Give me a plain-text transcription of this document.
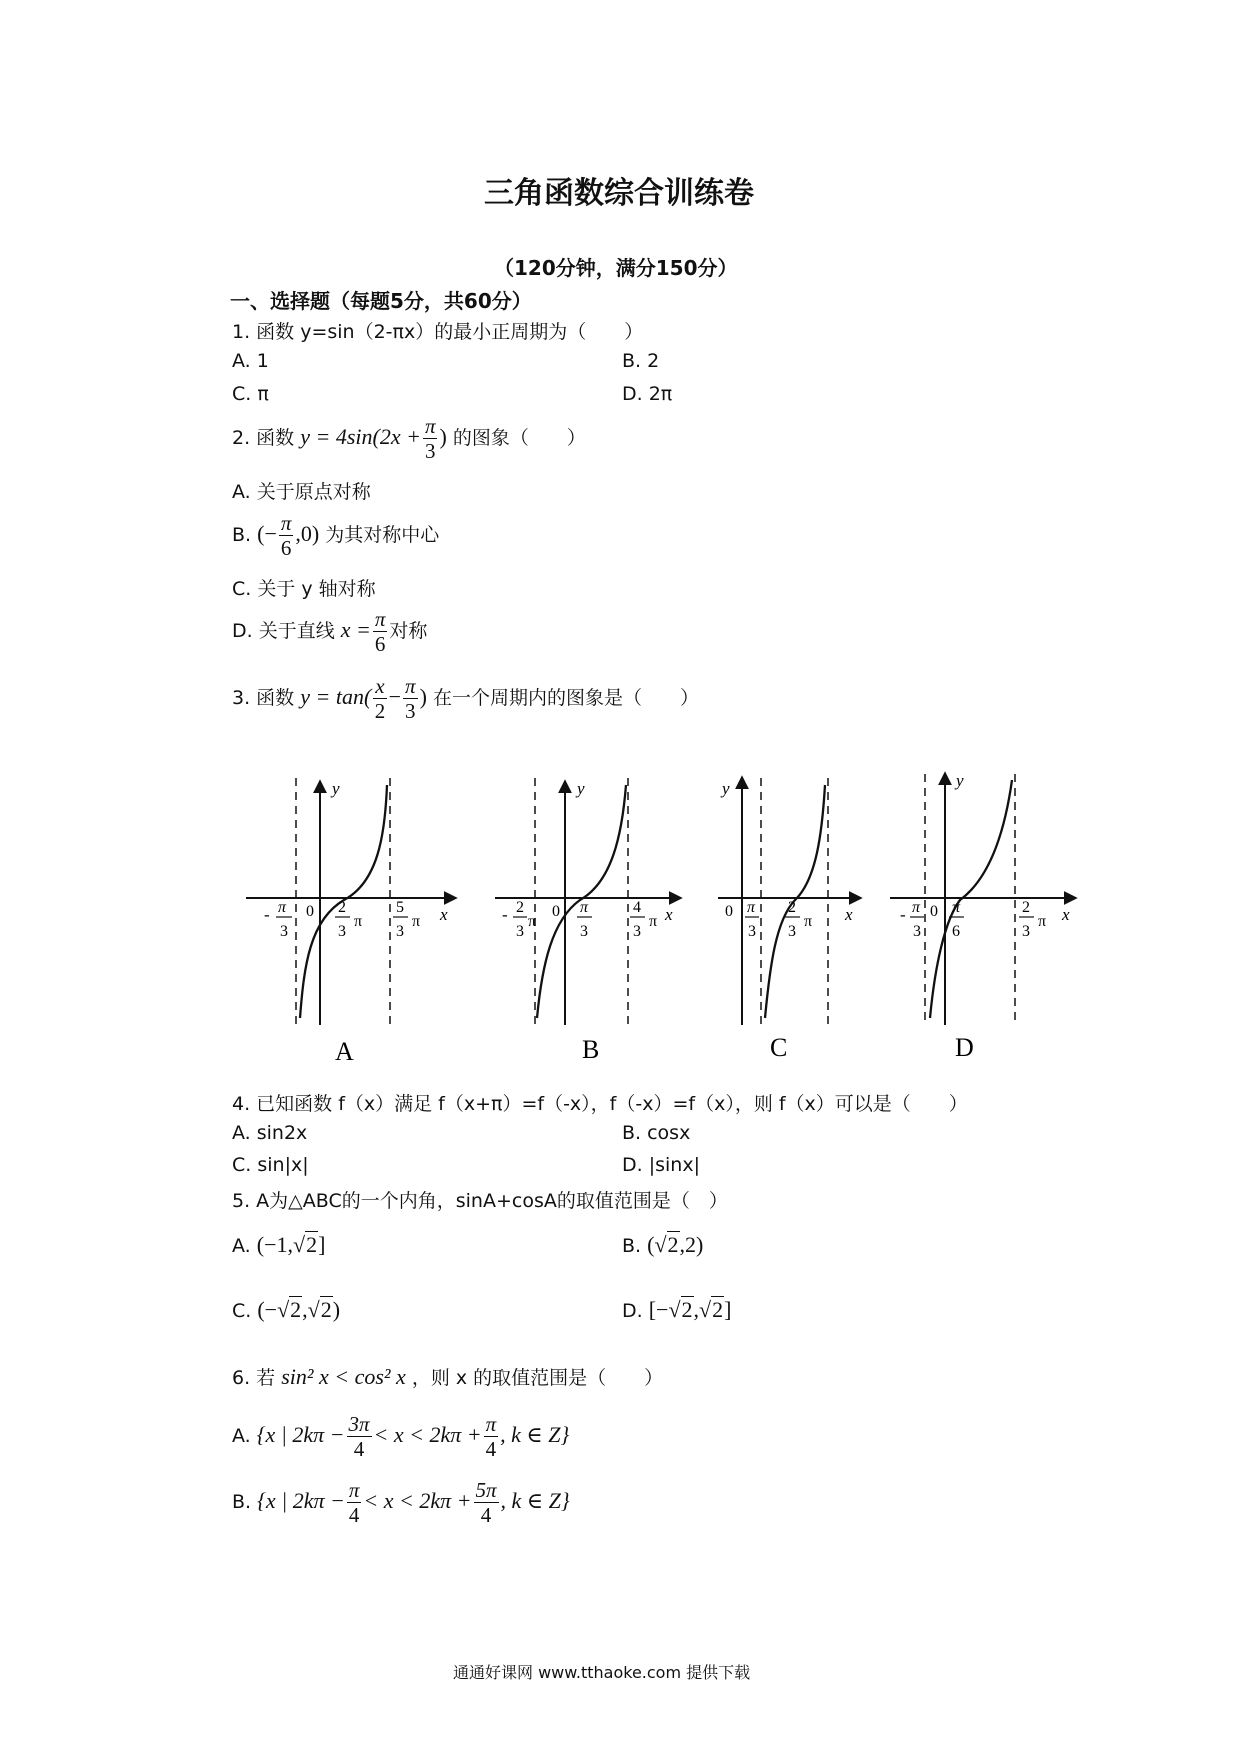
三角函数综合训练卷
（120分钟，满分150分）
一、选择题（每题5分，共60分）
1. 函数 y=sin（2-πx）的最小正周期为（　　）
A. 1	B. 2
C. π	D. 2π
2. 函数 $y = 4\sin(2x + \frac{\pi}{3}$ ) 的图象（　　）
A. 关于原点对称
B. (− $\frac{\pi}{6} ,0$) 为其对称中心
C. 关于 y 轴对称
D. 关于直线 $x = \frac{\pi}{6}$ 对称
3. 函数 $y = \tan( \frac{x}{2} - \frac{\pi}{3}$ ) 在一个周期内的图象是（　　）
y
x
- π
3
0 2
3
π
5
3
π
A
y
x
- 2
3
π
0 π
3
4
3
π
B
y
x
0 π
3
2
3
π
C
y
x
- π
3
0 π
6
2
3
π
D
4. 已知函数 f（x）满足 f（x+π）=f（-x），f（-x）=f（x），则 f（x）可以是（　　）
A. sin2x	B. cosx
C. sin|x|	D. |sinx|
5. A为△ABC的一个内角，sinA+cosA的取值范围是（　）
A. (−1,√2]	B. (√2,2)
C. (−√2,√2)	D. [−√2,√2]
6. 若 sin² x < cos² x ，则 x 的取值范围是（　　）
A. {x | $2k\pi - \frac{3\pi}{4} < x < 2k\pi + \frac{\pi}{4}$ , k ∈ Z}
B. {x | $2k\pi - \frac{\pi}{4} < x < 2k\pi + \frac{5\pi}{4}$ , k ∈ Z}
通通好课网 www.tthaoke.com 提供下载
